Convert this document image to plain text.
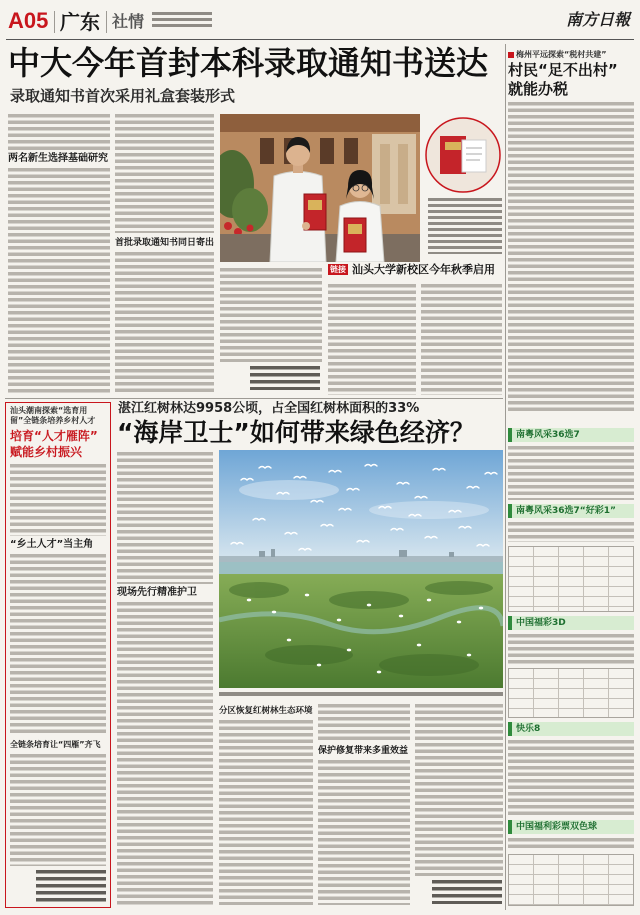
A05 广东 社情	南方日報
中大今年首封本科录取通知书送达
录取通知书首次采用礼盒套装形式
两名新生选择基础研究
首批录取通知书同日寄出
链接 汕头大学新校区今年秋季启用
梅州平远探索“税村共建”
村民“足不出村”
就能办税
汕头潮南探索“选育用留”全链条培养乡村人才
培育“人才雁阵”
赋能乡村振兴
“乡土人才”当主角
全链条培育让“四雁”齐飞
湛江红树林达9958公顷，占全国红树林面积的33%
“海岸卫士”如何带来绿色经济？
现场先行精准护卫
分区恢复红树林生态环境
保护修复带来多重效益
南粤风采36选7
南粤风采36选7“好彩1”
中国福彩3D
快乐8
中国福利彩票双色球
